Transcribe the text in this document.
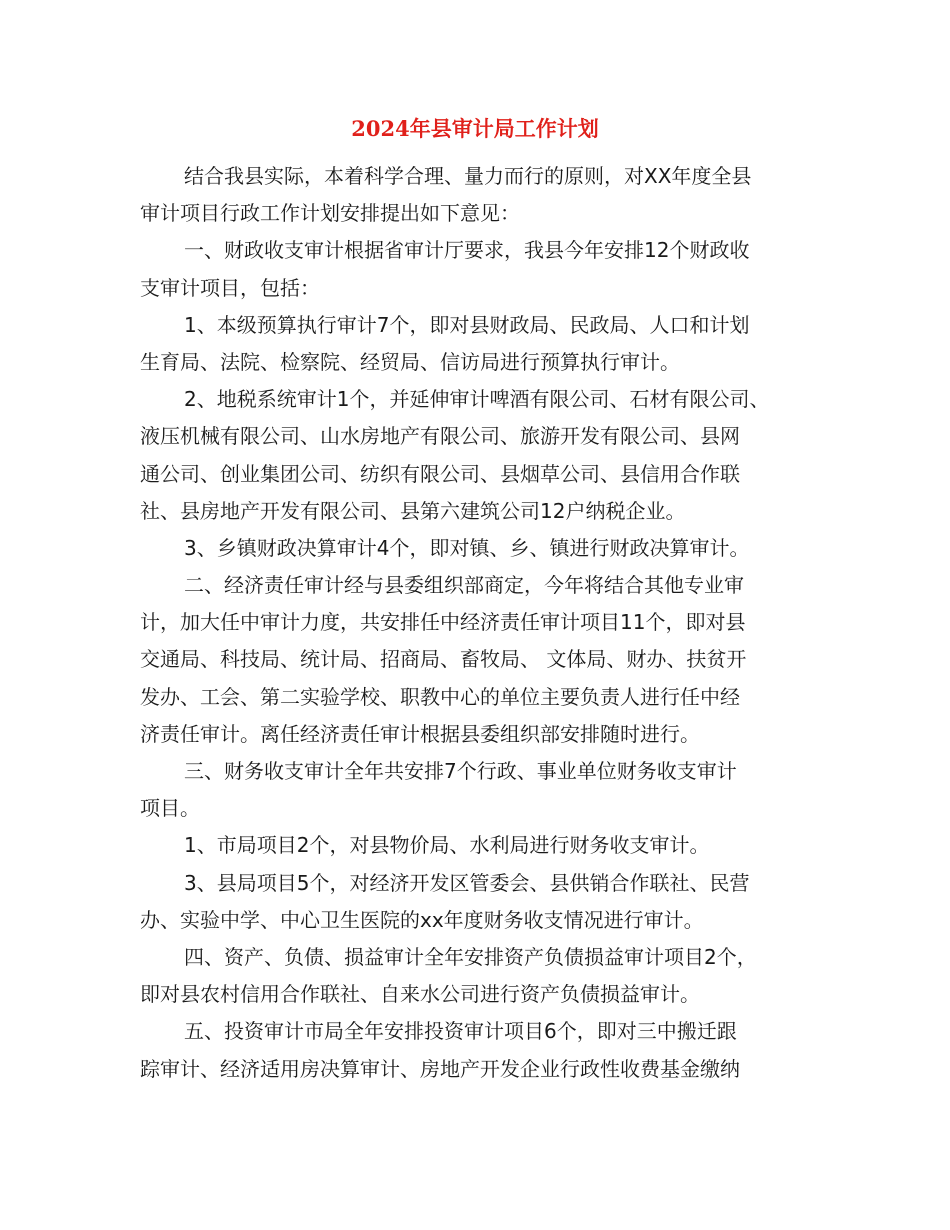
2024年县审计局工作计划
结合我县实际，本着科学合理、量力而行的原则，对XX年度全县
审计项目行政工作计划安排提出如下意见：
一、财政收支审计根据省审计厅要求，我县今年安排12个财政收
支审计项目，包括：
1、本级预算执行审计7个，即对县财政局、民政局、人口和计划
生育局、法院、检察院、经贸局、信访局进行预算执行审计。
2、地税系统审计1个，并延伸审计啤酒有限公司、石材有限公司、
液压机械有限公司、山水房地产有限公司、旅游开发有限公司、县网
通公司、创业集团公司、纺织有限公司、县烟草公司、县信用合作联
社、县房地产开发有限公司、县第六建筑公司12户纳税企业。
3、乡镇财政决算审计4个，即对镇、乡、镇进行财政决算审计。
二、经济责任审计经与县委组织部商定，今年将结合其他专业审
计，加大任中审计力度，共安排任中经济责任审计项目11个，即对县
交通局、科技局、统计局、招商局、畜牧局、 文体局、财办、扶贫开
发办、工会、第二实验学校、职教中心的单位主要负责人进行任中经
济责任审计。离任经济责任审计根据县委组织部安排随时进行。
三、财务收支审计全年共安排7个行政、事业单位财务收支审计
项目。
1、市局项目2个，对县物价局、水利局进行财务收支审计。
3、县局项目5个，对经济开发区管委会、县供销合作联社、民营
办、实验中学、中心卫生医院的xx年度财务收支情况进行审计。
四、资产、负债、损益审计全年安排资产负债损益审计项目2个，
即对县农村信用合作联社、自来水公司进行资产负债损益审计。
五、投资审计市局全年安排投资审计项目6个，即对三中搬迁跟
踪审计、经济适用房决算审计、房地产开发企业行政性收费基金缴纳
